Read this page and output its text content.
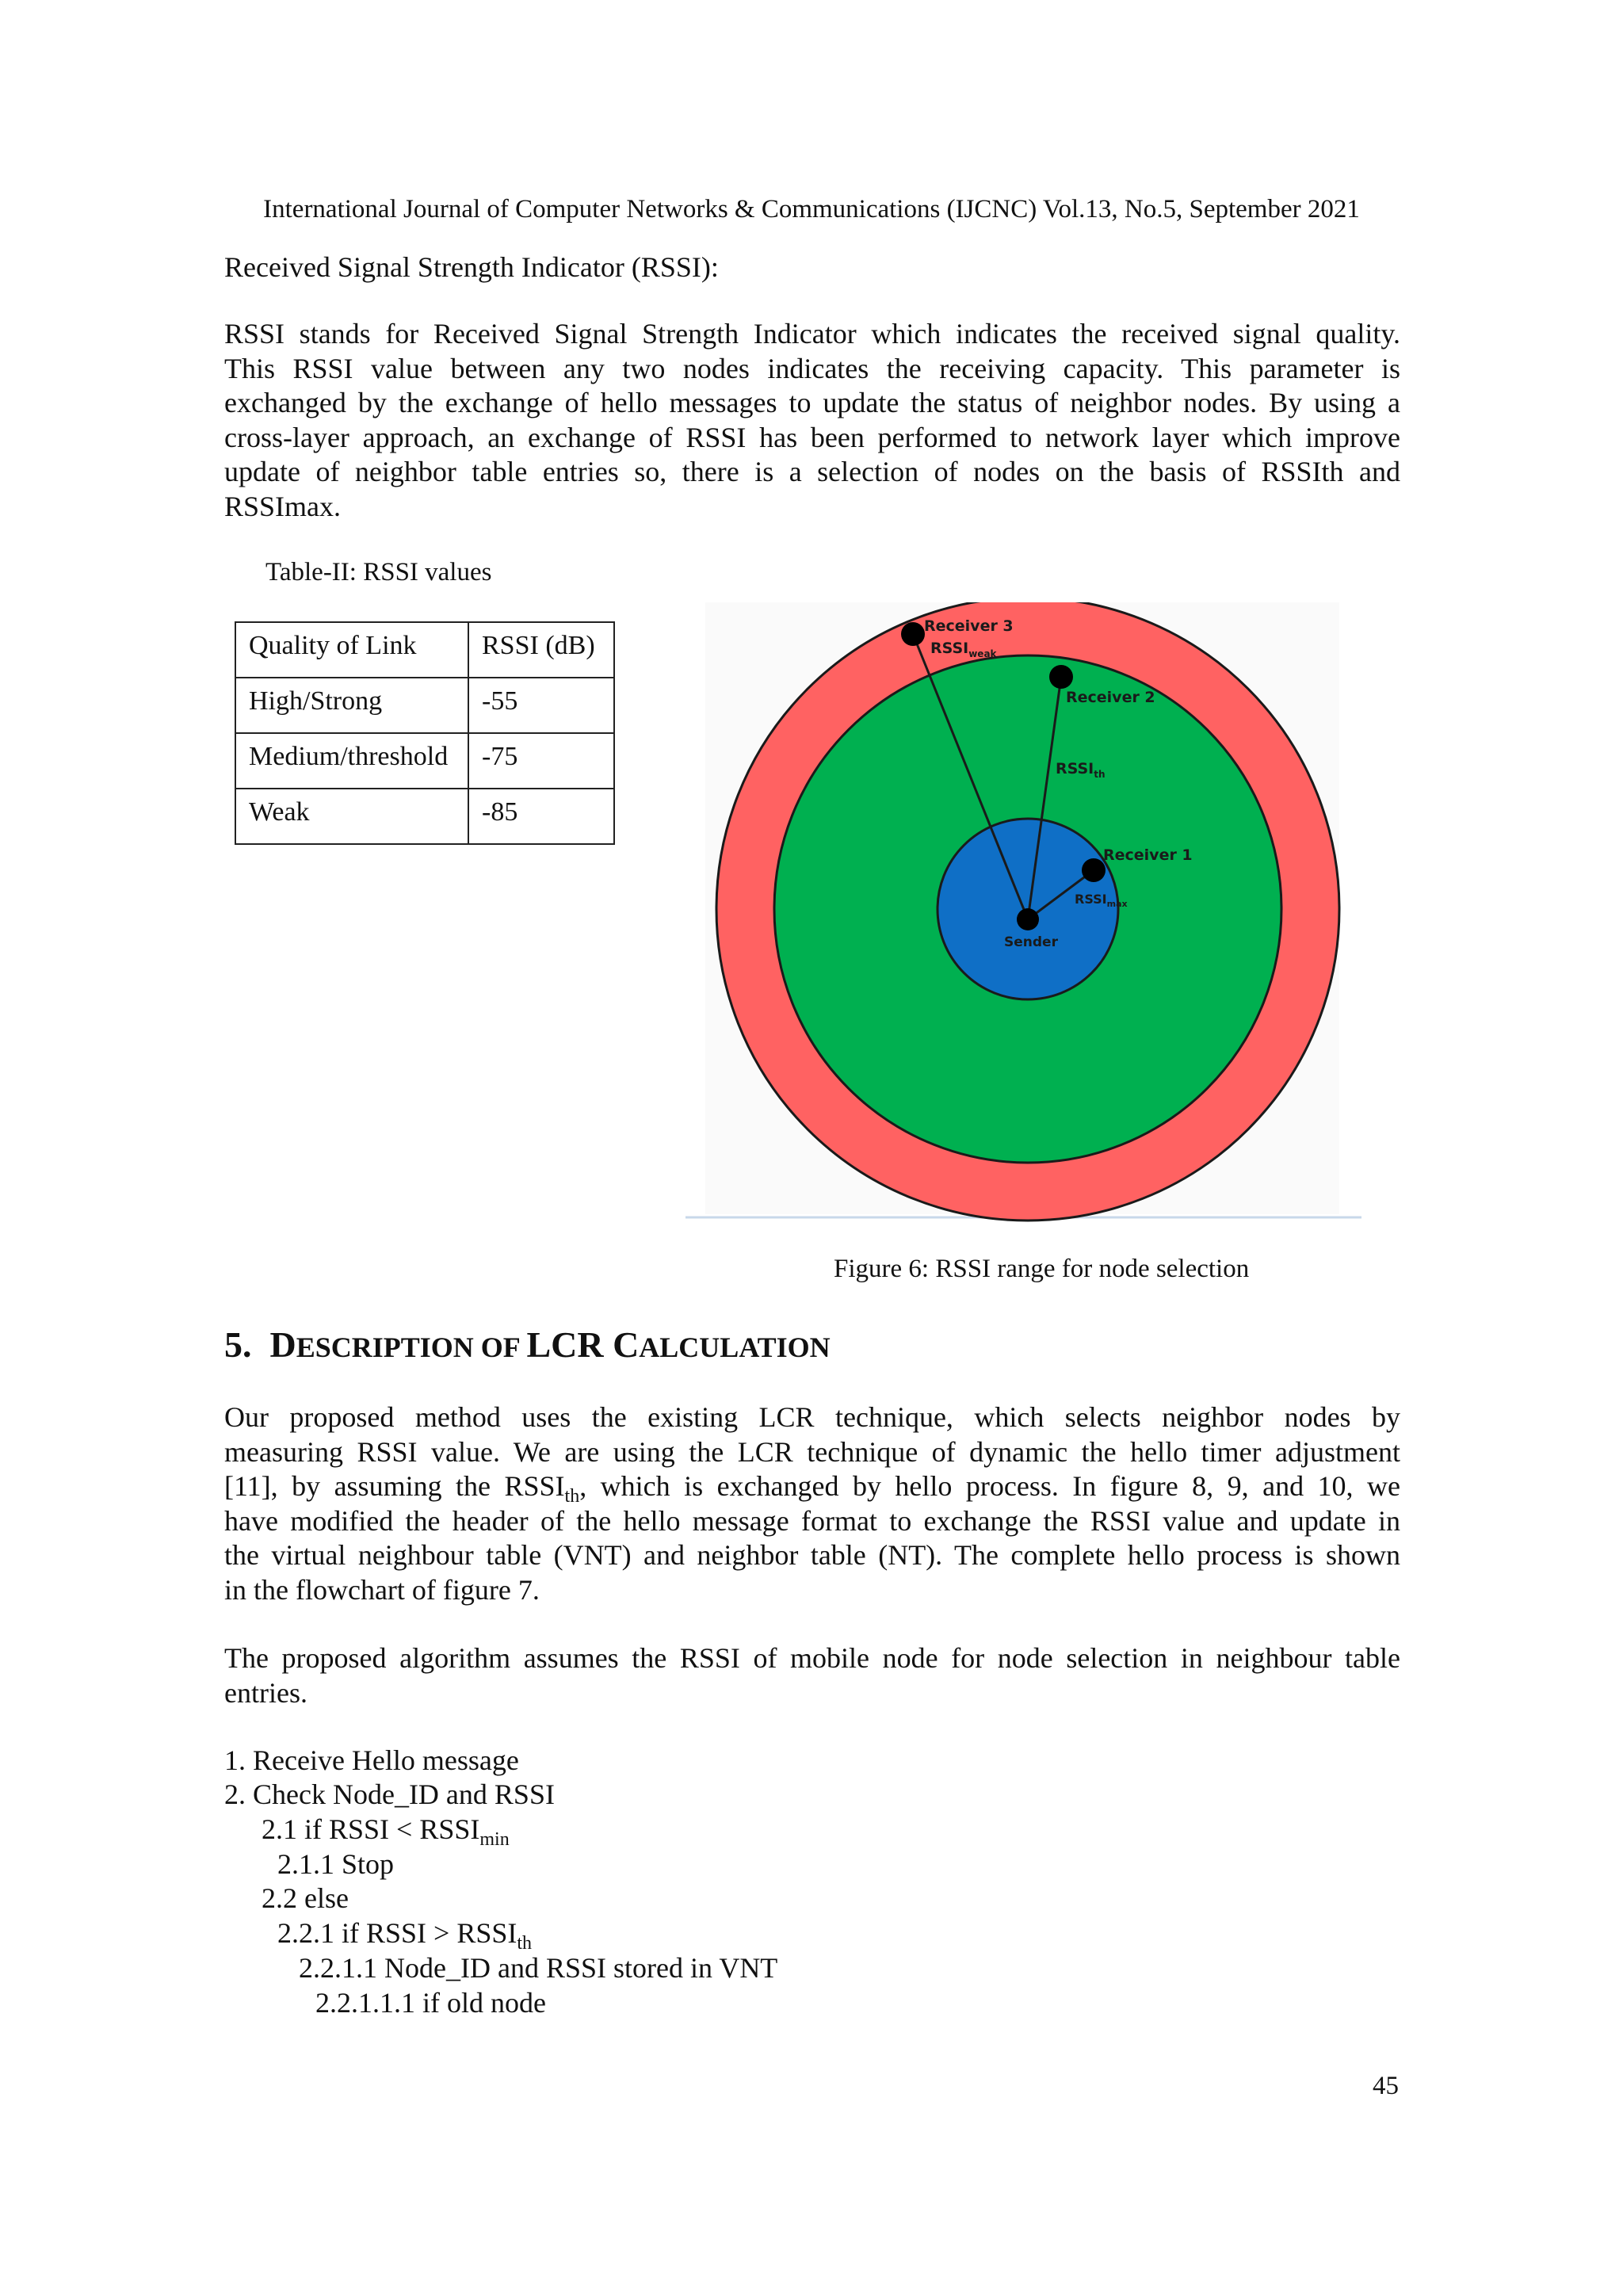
International Journal of Computer Networks & Communications (IJCNC) Vol.13, No.5, September 2021
Received Signal Strength Indicator (RSSI):
RSSI stands for Received Signal Strength Indicator which indicates the received signal quality.
This RSSI value between any two nodes indicates the receiving capacity. This parameter is
exchanged by the exchange of hello messages to update the status of neighbor nodes. By using a
cross-layer approach, an exchange of RSSI has been performed to network layer which improve
update of neighbor table entries so, there is a selection of nodes on the basis of RSSIth and
RSSImax.
Table-II: RSSI values
Quality of Link	RSSI (dB)
High/Strong	-55
Medium/threshold	-75
Weak	-85
Receiver 3
$RSSI_{weak}$
Receiver 2
$RSSI_{th}$
Receiver 1
$RSSI_{max}$
Sender
Figure 6: RSSI range for node selection
5. DESCRIPTION OF LCR CALCULATION
Our proposed method uses the existing LCR technique, which selects neighbor nodes by
measuring RSSI value. We are using the LCR technique of dynamic the hello timer adjustment
[11], by assuming the $RSSI_{th}$, which is exchanged by hello process. In figure 8, 9, and 10, we
have modified the header of the hello message format to exchange the RSSI value and update in
the virtual neighbour table (VNT) and neighbor table (NT). The complete hello process is shown
in the flowchart of figure 7.
The proposed algorithm assumes the RSSI of mobile node for node selection in neighbour table
entries.
1. Receive Hello message
2. Check Node_ID and RSSI
2.1 if RSSI < $RSSI_{min}$
2.1.1 Stop
2.2 else
2.2.1 if RSSI > $RSSI_{th}$
2.2.1.1 Node_ID and RSSI stored in VNT
2.2.1.1.1 if old node
45
